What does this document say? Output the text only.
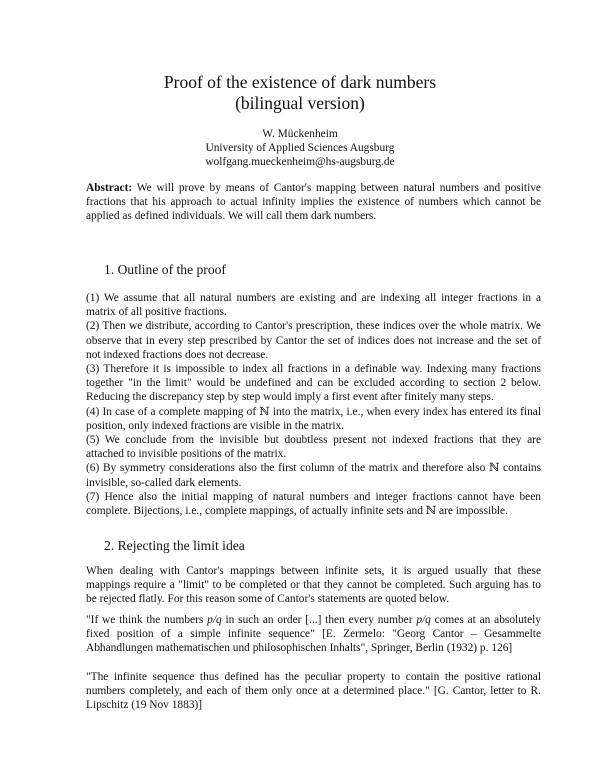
Proof of the existence of dark numbers
(bilingual version)
W. Mückenheim
University of Applied Sciences Augsburg
wolfgang.mueckenheim@hs-augsburg.de
Abstract: We will prove by means of Cantor's mapping between natural numbers and positive fractions that his approach to actual infinity implies the existence of numbers which cannot be applied as defined individuals. We will call them dark numbers.
1. Outline of the proof
(1) We assume that all natural numbers are existing and are indexing all integer fractions in a matrix of all positive fractions.
(2) Then we distribute, according to Cantor's prescription, these indices over the whole matrix. We observe that in every step prescribed by Cantor the set of indices does not increase and the set of not indexed fractions does not decrease.
(3) Therefore it is impossible to index all fractions in a definable way. Indexing many fractions together "in the limit" would be undefined and can be excluded according to section 2 below. Reducing the discrepancy step by step would imply a first event after finitely many steps.
(4) In case of a complete mapping of ℕ into the matrix, i.e., when every index has entered its final position, only indexed fractions are visible in the matrix.
(5) We conclude from the invisible but doubtless present not indexed fractions that they are attached to invisible positions of the matrix.
(6) By symmetry considerations also the first column of the matrix and therefore also ℕ contains invisible, so-called dark elements.
(7) Hence also the initial mapping of natural numbers and integer fractions cannot have been complete. Bijections, i.e., complete mappings, of actually infinite sets and ℕ are impossible.
2. Rejecting the limit idea
When dealing with Cantor's mappings between infinite sets, it is argued usually that these mappings require a "limit" to be completed or that they cannot be completed. Such arguing has to be rejected flatly. For this reason some of Cantor's statements are quoted below.
"If we think the numbers p/q in such an order [...] then every number p/q comes at an absolutely fixed position of a simple infinite sequence" [E. Zermelo: "Georg Cantor – Gesammelte Abhandlungen mathematischen und philosophischen Inhalts", Springer, Berlin (1932) p. 126]
"The infinite sequence thus defined has the peculiar property to contain the positive rational numbers completely, and each of them only once at a determined place." [G. Cantor, letter to R. Lipschitz (19 Nov 1883)]
